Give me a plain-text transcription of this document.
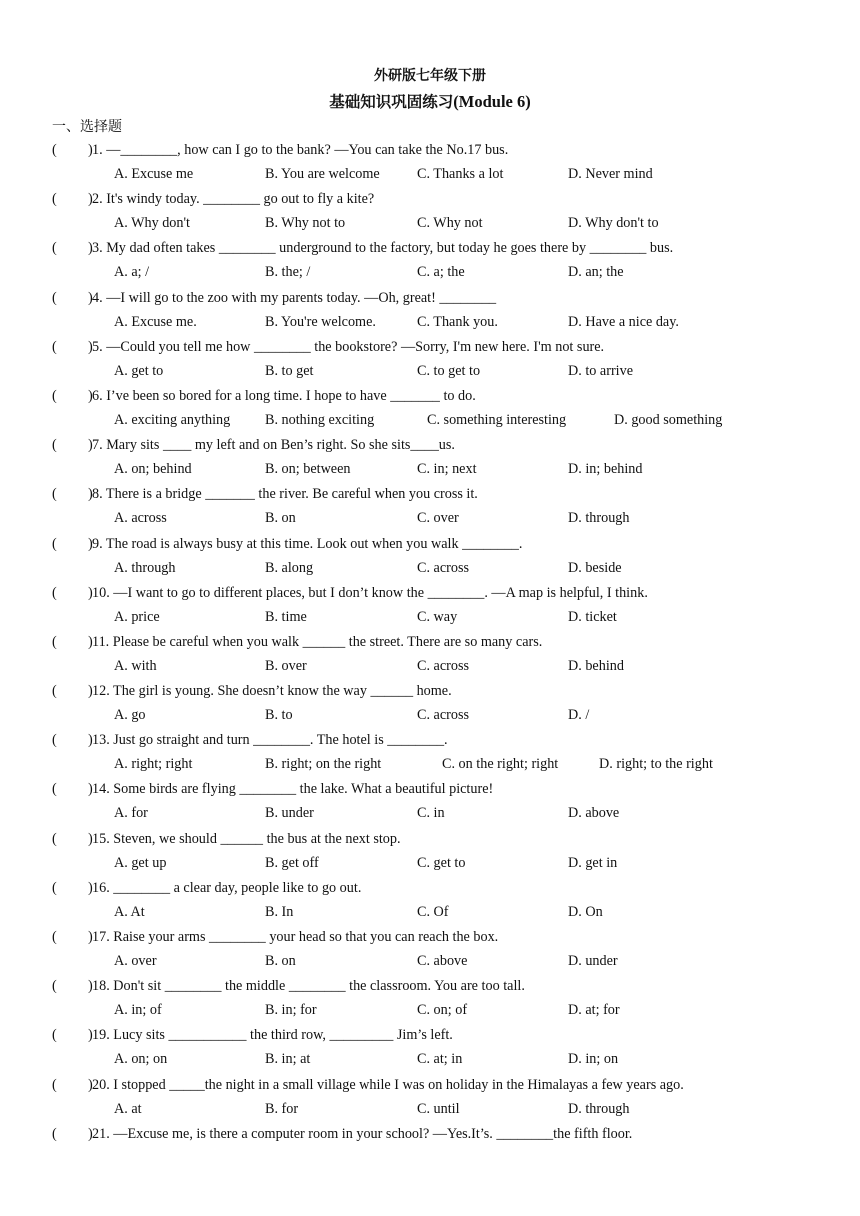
外研版七年级下册
基础知识巩固练习(Module 6)
一、选择题
( ) 1. —________, how can I go to the bank? —You can take the No.17 bus.
A. Excuse me	B. You are welcome	C. Thanks a lot	D. Never mind
( ) 2. It's windy today. ________ go out to fly a kite?
A. Why don't	B. Why not to	C. Why not	D. Why don't to
( ) 3. My dad often takes ________ underground to the factory, but today he goes there by ________ bus.
A. a; /	B. the; /	C. a; the	D. an; the
( ) 4. —I will go to the zoo with my parents today. —Oh, great! ________
A. Excuse me.	B. You're welcome.	C. Thank you.	D. Have a nice day.
( ) 5. —Could you tell me how ________ the bookstore? —Sorry, I'm new here. I'm not sure.
A. get to	B. to get	C. to get to	D. to arrive
( ) 6. I’ve been so bored for a long time. I hope to have _______ to do.
A. exciting anything B. nothing exciting	C. something interesting	D. good something
( ) 7. Mary sits ____ my left and on Ben’s right. So she sits____us.
A. on; behind	B. on; between	C. in; next	D. in; behind
( ) 8. There is a bridge _______ the river. Be careful when you cross it.
A. across	B. on	C. over	D. through
( ) 9. The road is always busy at this time. Look out when you walk ________.
A. through	B. along	C. across	D. beside
( ) 10. —I want to go to different places, but I don’t know the ________. —A map is helpful, I think.
A. price	B. time	C. way	D. ticket
( ) 11. Please be careful when you walk ______ the street. There are so many cars.
A. with	B. over	C. across	D. behind
( ) 12. The girl is young. She doesn’t know the way ______ home.
A. go	B. to	C. across	D. /
( ) 13. Just go straight and turn ________. The hotel is ________.
A. right; right	B. right; on the right	C. on the right; right	D. right; to the right
( ) 14. Some birds are flying ________ the lake. What a beautiful picture!
A. for	B. under	C. in	D. above
( ) 15. Steven, we should ______ the bus at the next stop.
A. get up	B. get off	C. get to	D. get in
( ) 16. ________ a clear day, people like to go out.
A. At	B. In	C. Of	D. On
( ) 17. Raise your arms ________ your head so that you can reach the box.
A. over	B. on	C. above	D. under
( ) 18. Don't sit ________ the middle ________ the classroom. You are too tall.
A. in; of	B. in; for	C. on; of	D. at; for
( ) 19. Lucy sits ___________ the third row, _________ Jim’s left.
A. on; on	B. in; at	C. at; in	D. in; on
( ) 20. I stopped _____the night in a small village while I was on holiday in the Himalayas a few years ago.
A. at	B. for	C. until	D. through
( ) 21. —Excuse me, is there a computer room in your school? —Yes.It’s. ________the fifth floor.
